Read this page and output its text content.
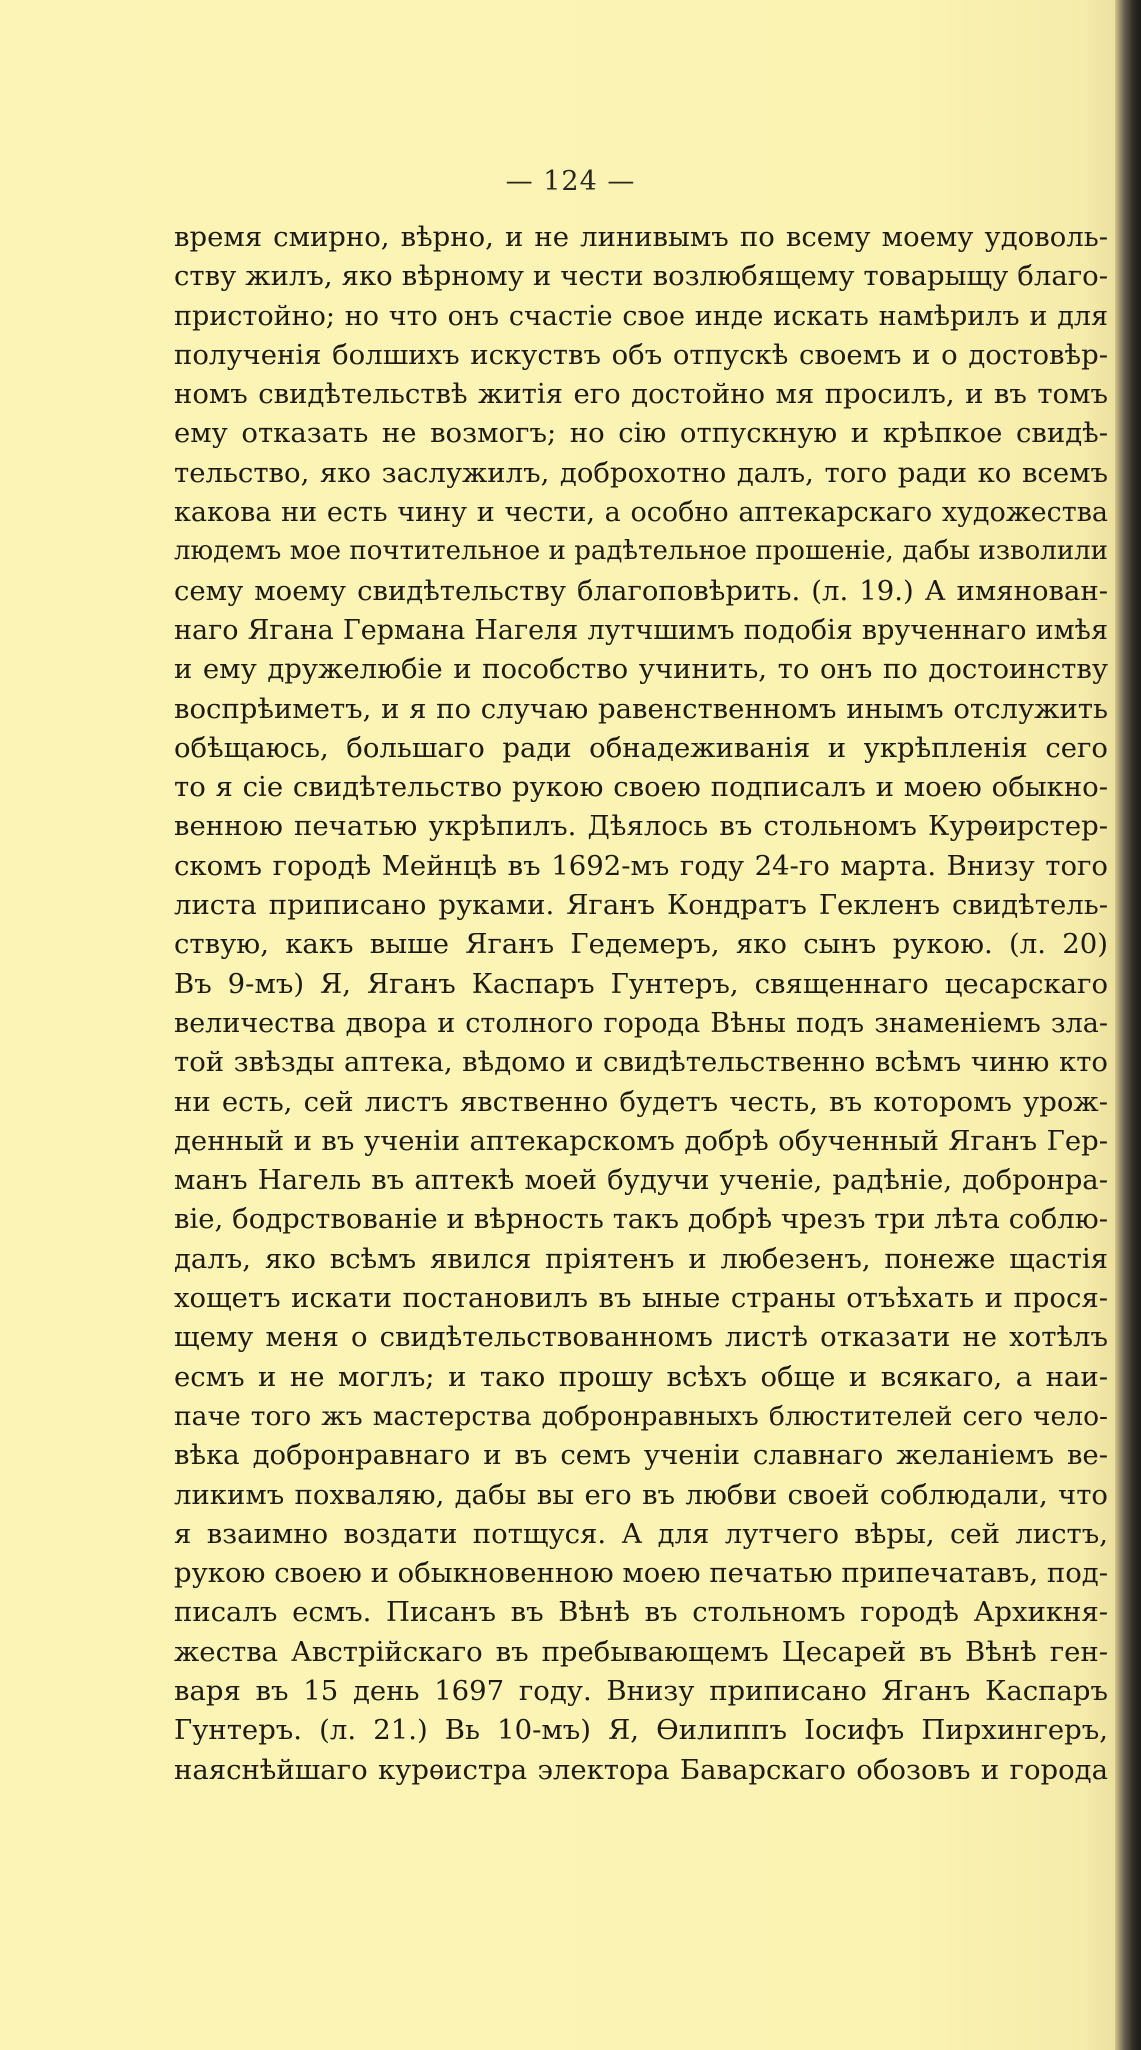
— 124 —
время смирно, вѣрно, и не линивымъ по всему моему удоволь-
ству жилъ, яко вѣрному и чести возлюбящему товарыщу благо-
пристойно; но что онъ счастіе свое инде искать намѣрилъ и для
полученія болшихъ искуствъ объ отпускѣ своемъ и о достовѣр-
номъ свидѣтельствѣ житія его достойно мя просилъ, и въ томъ
ему отказать не возмогъ; но сію отпускную и крѣпкое свидѣ-
тельство, яко заслужилъ, доброхотно далъ, того ради ко всемъ
какова ни есть чину и чести, а особно аптекарскаго художества
людемъ мое почтительное и радѣтельное прошеніе, дабы изволили
сему моему свидѣтельству благоповѣрить. (л. 19.) А имянован-
наго Ягана Германа Нагеля лутчшимъ подобія врученнаго имѣя
и ему дружелюбіе и пособство учинить, то онъ по достоинству
воспрѣиметъ, и я по случаю равенственномъ инымъ отслужить
обѣщаюсь, большаго ради обнадеживанія и укрѣпленія сего
то я сіе свидѣтельство рукою своею подписалъ и моею обыкно-
венною печатью укрѣпилъ. Дѣялось въ стольномъ Курѳирстер-
скомъ городѣ Мейнцѣ въ 1692-мъ году 24-го марта. Внизу того
листа приписано руками. Яганъ Кондратъ Гекленъ свидѣтель-
ствую, какъ выше Яганъ Гедемеръ, яко сынъ рукою. (л. 20)
Въ 9-мъ) Я, Яганъ Каспаръ Гунтеръ, священнаго цесарскаго
величества двора и столного города Вѣны подъ знаменіемъ зла-
той звѣзды аптека, вѣдомо и свидѣтельственно всѣмъ чиню кто
ни есть, сей листъ явственно будетъ честь, въ которомъ урож-
денный и въ ученіи аптекарскомъ добрѣ обученный Яганъ Гер-
манъ Нагель въ аптекѣ моей будучи ученіе, радѣніе, добронра-
віе, бодрствованіе и вѣрность такъ добрѣ чрезъ три лѣта соблю-
далъ, яко всѣмъ явился пріятенъ и любезенъ, понеже щастія
хощетъ искати постановилъ въ ыные страны отъѣхать и прося-
щему меня о свидѣтельствованномъ листѣ отказати не хотѣлъ
есмъ и не моглъ; и тако прошу всѣхъ обще и всякаго, а наи-
паче того жъ мастерства добронравныхъ блюстителей сего чело-
вѣка добронравнаго и въ семъ ученіи славнаго желаніемъ ве-
ликимъ похваляю, дабы вы его въ любви своей соблюдали, что
я взаимно воздати потщуся. А для лутчего вѣры, сей листъ,
рукою своею и обыкновенною моею печатью припечатавъ, под-
писалъ есмъ. Писанъ въ Вѣнѣ въ стольномъ городѣ Архикня-
жества Австрійскаго въ пребывающемъ Цесарей въ Вѣнѣ ген-
варя въ 15 день 1697 году. Внизу приписано Яганъ Каспаръ
Гунтеръ. (л. 21.) Вь 10-мъ) Я, Ѳилиппъ Іосифъ Пирхингеръ,
наяснѣйшаго курѳистра электора Баварскаго обозовъ и города
